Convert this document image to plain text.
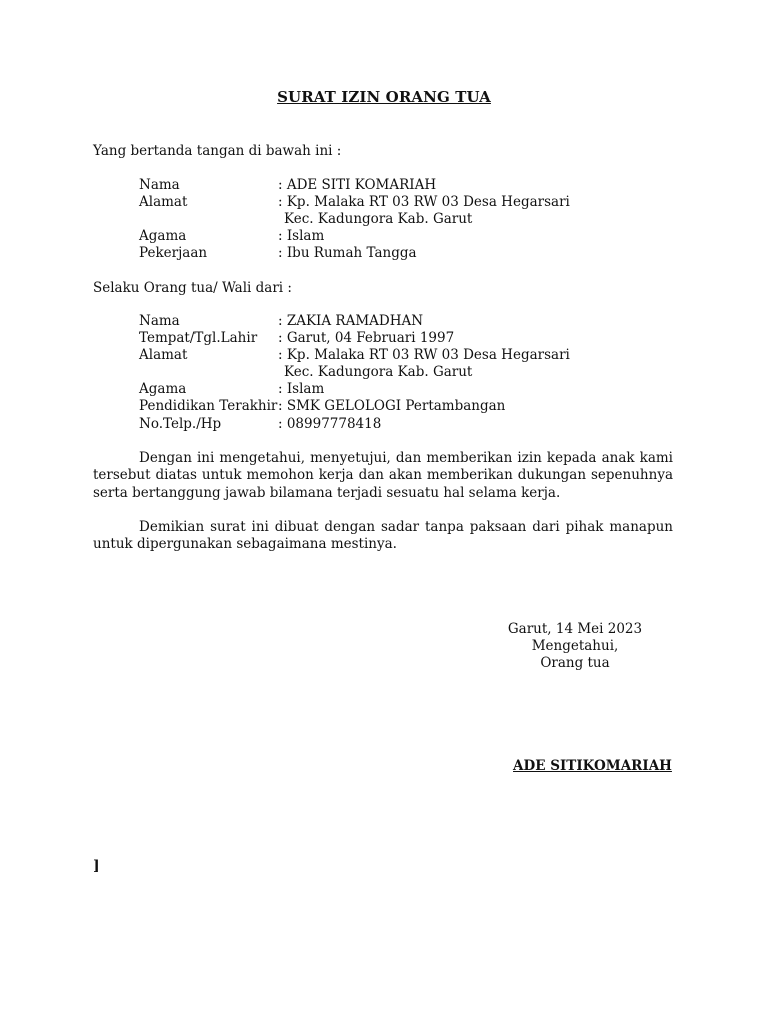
SURAT IZIN ORANG TUA
Yang bertanda tangan di bawah ini :
Nama	: ADE SITI KOMARIAH
Alamat	: Kp. Malaka RT 03 RW 03 Desa Hegarsari
Kec. Kadungora Kab. Garut
Agama	: Islam
Pekerjaan	: Ibu Rumah Tangga
Selaku Orang tua/ Wali dari :
Nama	: ZAKIA RAMADHAN
Tempat/Tgl.Lahir : Garut, 04 Februari 1997
Alamat	: Kp. Malaka RT 03 RW 03 Desa Hegarsari
Kec. Kadungora Kab. Garut
Agama	: Islam
Pendidikan Terakhir : SMK GELOLOGI Pertambangan
No.Telp./Hp	: 08997778418
Dengan ini mengetahui, menyetujui, dan memberikan izin kepada anak kami tersebut diatas untuk memohon kerja dan akan memberikan dukungan sepenuhnya serta bertanggung jawab bilamana terjadi sesuatu hal selama kerja.
Demikian surat ini dibuat dengan sadar tanpa paksaan dari pihak manapun untuk dipergunakan sebagaimana mestinya.
Garut, 14 Mei 2023
Mengetahui,
Orang tua
ADE SITIKOMARIAH
]
